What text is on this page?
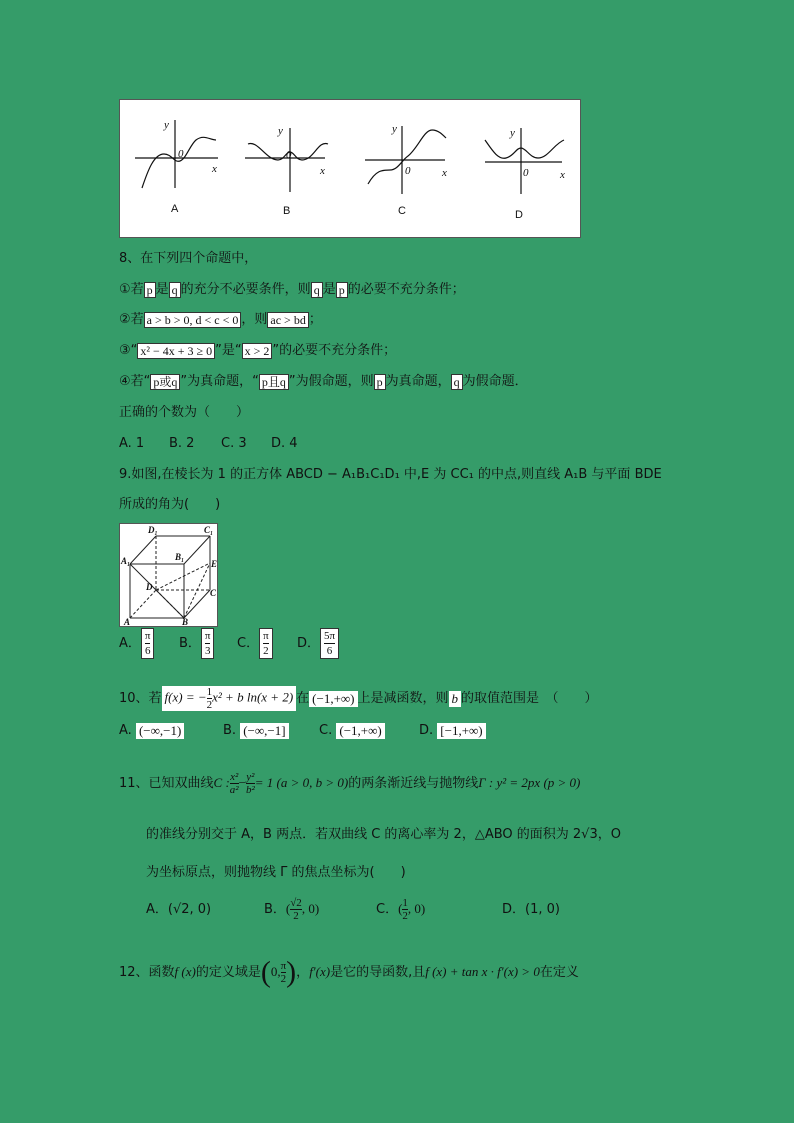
y
x
0
y
x
0
y
x
0
y
x
0
A	B	C	D
8、在下列四个命题中，
①若 p 是 q 的充分不必要条件，则 q 是 p 的必要不充分条件；
②若 a > b > 0, d < c < 0 ，则 ac > bd ；
③“ x² − 4x + 3 ≥ 0 ”是“ x > 2 ”的必要不充分条件；
④若“ p或q ”为真命题，“ p且q ”为假命题，则 p 为真命题， q 为假命题．
正确的个数为（　　）
A. 1 B. 2 C. 3 D. 4
9.如图,在棱长为 1 的正方体 ABCD − A₁B₁C₁D₁ 中,E 为 CC₁ 的中点,则直线 A₁B 与平面 BDE
所成的角为(　　)
D₁	C₁
A₁	B₁
E
D
C
A	B
A． $\frac{\pi}{6}$ B． $\frac{\pi}{3}$ C． $\frac{\pi}{2}$ D． $\frac{5\pi}{6}$
10、若 f(x) = − $\frac{1}{2} x^2 + b$ ln(x + 2) 在 (−1,+∞) 上是减函数，则 b 的取值范围是　（　　）
A. (−∞,−1)	B. (−∞,−1]	C. (−1,+∞)	D. [−1,+∞)
11、已知双曲线C : $\frac{\text{x²}}{\text{a²}} - \frac{\text{y²}}{\text{b²}} = 1$ (a > 0, b > 0)的两条渐近线与抛物线Γ : y² = 2px (p > 0)
的准线分别交于 A，B 两点．若双曲线 C 的离心率为 2，△ABO 的面积为 2√3，O
为坐标原点，则抛物线 Γ 的焦点坐标为(　　)
A．(√2, 0)	B．( $\frac{√2}{2}$ , 0)	C．( $\frac{1}{2}$ , 0)	D．(1, 0)
12、函数f (x)的定义域是(0, $\frac{\pi}{2}$ )，f′(x)是它的导函数,且f (x) + tan x · f′(x) > 0在定义
